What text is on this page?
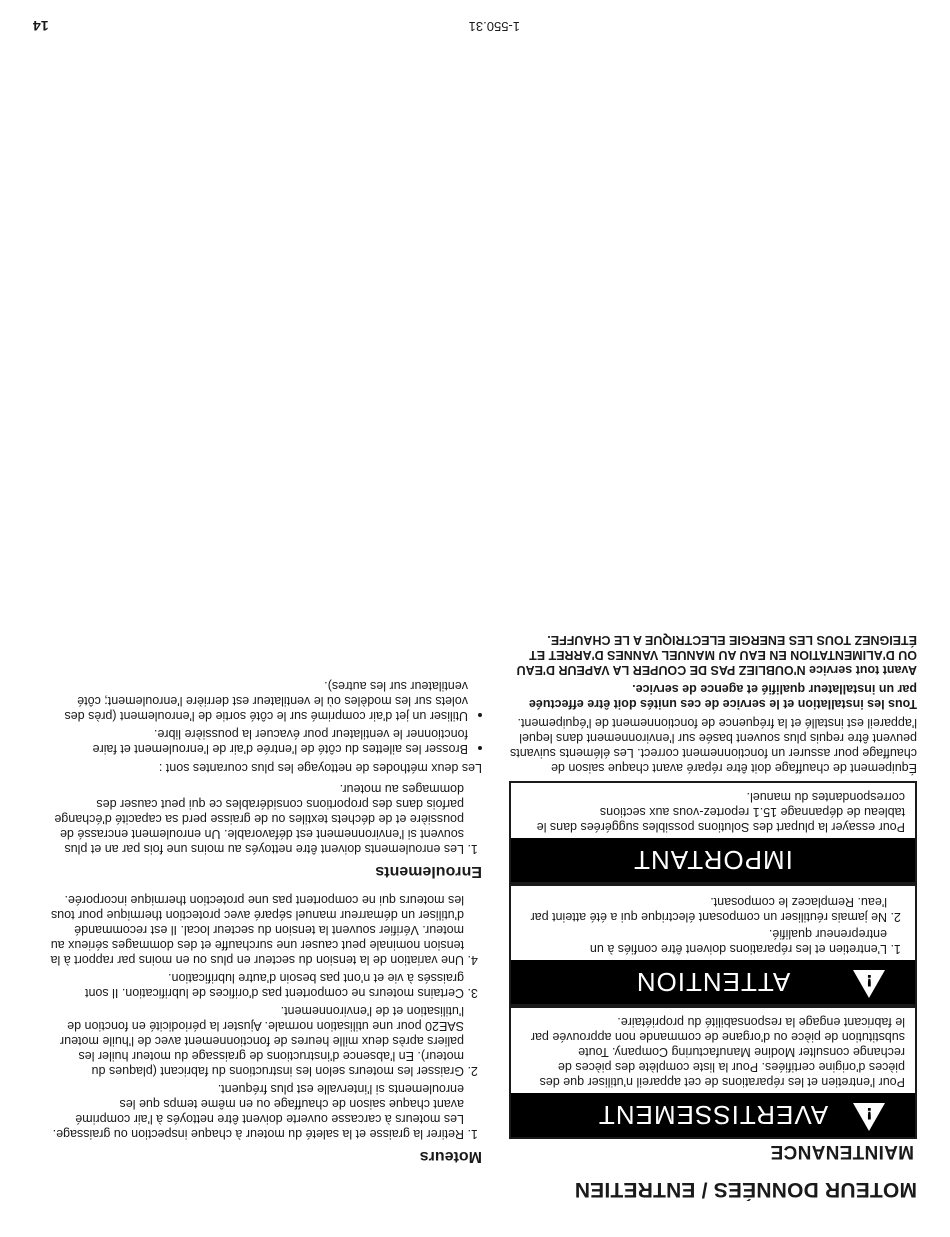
MOTEUR DONNÉES / ENTRETIEN
MAINTENANCE
!
AVERTISSEMENT

Pour l'entretien et les réparations de cet appareil n'utiliser que des pièces d'origine certifiées. Pour la liste complète des pièces de rechange consulter Modine Manufacturing Company. Toute substitution de pièce ou d'organe de commande non approuvée par le fabricant engage la responsabilité du propriétaire.

!
ATTENTION
1. L'entretien et les réparations doivent être confiés à un entrepreneur qualifié.
2. Ne jamais réutiliser un composant électrique qui a été atteint par l'eau. Remplacez le composant.
IMPORTANT

Pour essayer la plupart des Solutions possibles suggérées dans le tableau de dépannage 15.1 reportez-vous aux sections correspondantes du manuel.

Équipement de chauffage doit être réparé avant chaque saison de chauffage pour assurer un fonctionnement correct. Les éléments suivants peuvent être requis plus souvent basée sur l'environnement dans lequel l'appareil est installé et la fréquence de fonctionnement de l'équipement.

Tous les installation et le service de ces unités doit être effectuée par un installateur qualifié et agence de service.

Avant tout service N'OUBLIEZ PAS DE COUPER LA VAPEUR D'EAU OU D'ALIMENTATION EN EAU AU MANUEL VANNES D'ARRET ET ÉTEIGNEZ TOUS LES ENERGIE ELECTRIQUE A LE CHAUFFE.

Moteurs
1. Retirer la graisse et la saleté du moteur à chaque inspection ou graissage. Les moteurs à carcasse ouverte doivent être nettoyés à l'air comprimé avant chaque saison de chauffage ou en même temps que les enroulements si l'intervalle est plus fréquent.
2. Graisser les moteurs selon les instructions du fabricant (plaques du moteur). En l'absence d'instructions de graissage du moteur huiler les paliers après deux mille heures de fonctionnement avec de l'huile moteur SAE20 pour une utilisation normale. Ajuster la périodicité en fonction de l'utilisation et de l'environnement.
3. Certains moteurs ne comportent pas d'orifices de lubrification. Il sont graissés à vie et n'ont pas besoin d'autre lubrification.
4. Une variation de la tension du secteur en plus ou en moins par rapport à la tension nominale peut causer une surchauffe et des dommages sérieux au moteur. Vérifier souvent la tension du secteur local. Il est recommandé d'utiliser un démarreur manuel séparé avec protection thermique pour tous les moteurs qui ne comportent pas une protection thermique incorporée.
Enroulements
1. Les enroulements doivent être nettoyés au moins une fois par an et plus souvent si l'environnement est défavorable. Un enroulement encrassé de poussière et de déchets textiles ou de graisse perd sa capacité d'échange parfois dans des proportions considérables ce qui peut causer des dommages au moteur.
Les deux méthodes de nettoyage les plus courantes sont :
• Brosser les ailettes du côté de l'entrée d'air de l'enroulement et faire fonctionner le ventilateur pour évacuer la poussière libre.
• Utiliser un jet d'air comprimé sur le côté sortie de l'enroulement (près des volets sur les modèles où le ventilateur est derrière l'enroulement; côté ventilateur sur les autres).
1-550.31
14
